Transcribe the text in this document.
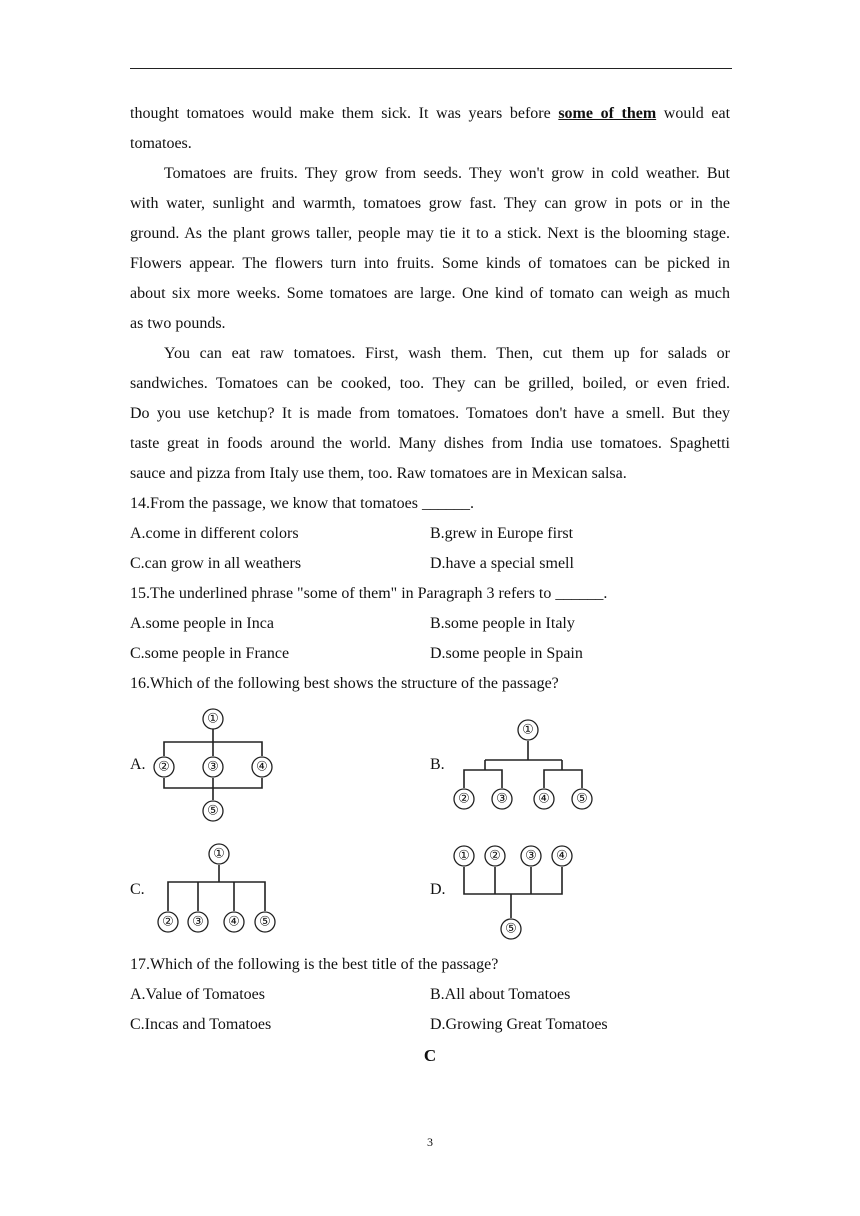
thought tomatoes would make them sick. It was years before some of them would eat
tomatoes.
Tomatoes are fruits. They grow from seeds. They won't grow in cold weather. But
with water, sunlight and warmth, tomatoes grow fast. They can grow in pots or in the
ground. As the plant grows taller, people may tie it to a stick. Next is the blooming stage.
Flowers appear. The flowers turn into fruits. Some kinds of tomatoes can be picked in
about six more weeks. Some tomatoes are large. One kind of tomato can weigh as much
as two pounds.
You can eat raw tomatoes. First, wash them. Then, cut them up for salads or
sandwiches. Tomatoes can be cooked, too. They can be grilled, boiled, or even fried.
Do you use ketchup? It is made from tomatoes. Tomatoes don't have a smell. But they
taste great in foods around the world. Many dishes from India use tomatoes. Spaghetti
sauce and pizza from Italy use them, too. Raw tomatoes are in Mexican salsa.
14.From the passage, we know that tomatoes ______.
A.come in different colors	B.grew in Europe first
C.can grow in all weathers	D.have a special smell
15.The underlined phrase "some of them" in Paragraph 3 refers to ______.
A.some people in Inca	B.some people in Italy
C.some people in France	D.some people in Spain
16.Which of the following best shows the structure of the passage?
A.	B.
C.	D.
①
②	③	④
⑤
①
② ③ ④ ⑤
①
② ③ ④ ⑤
① ② ③ ④
⑤
17.Which of the following is the best title of the passage?
A.Value of Tomatoes	B.All about Tomatoes
C.Incas and Tomatoes	D.Growing Great Tomatoes
C
3
